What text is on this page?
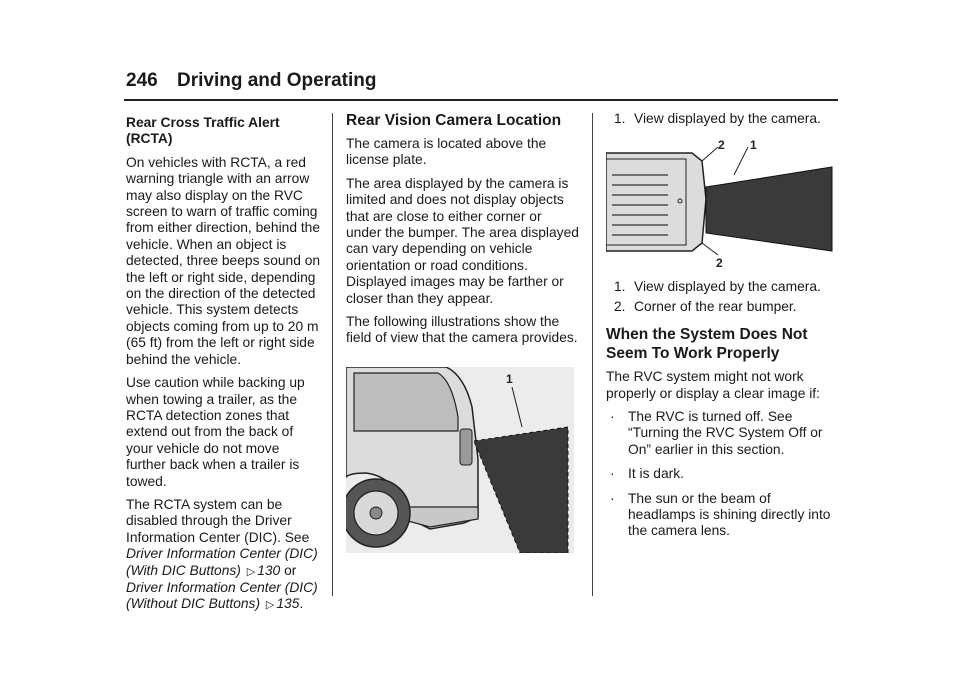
246 Driving and Operating

Rear Cross Traffic Alert (RCTA)

On vehicles with RCTA, a red warning triangle with an arrow may also display on the RVC screen to warn of traffic coming from either direction, behind the vehicle. When an object is detected, three beeps sound on the left or right side, depending on the direction of the detected vehicle. This system detects objects coming from up to 20 m (65 ft) from the left or right side behind the vehicle.

Use caution while backing up when towing a trailer, as the RCTA detection zones that extend out from the back of your vehicle do not move further back when a trailer is towed.

The RCTA system can be disabled through the Driver Information Center (DIC). See Driver Information Center (DIC) (With DIC Buttons) ▷ 130 or Driver Information Center (DIC) (Without DIC Buttons) ▷ 135.

Rear Vision Camera Location

The camera is located above the license plate.

The area displayed by the camera is limited and does not display objects that are close to either corner or under the bumper. The area displayed can vary depending on vehicle orientation or road conditions. Displayed images may be farther or closer than they appear.

The following illustrations show the field of view that the camera provides.

1
1. View displayed by the camera.
2 1
2
1. View displayed by the camera.
2. Corner of the rear bumper.
When the System Does Not Seem To Work Properly

The RVC system might not work properly or display a clear image if:

· The RVC is turned off. See “Turning the RVC System Off or On” earlier in this section.
· It is dark.
· The sun or the beam of headlamps is shining directly into the camera lens.
